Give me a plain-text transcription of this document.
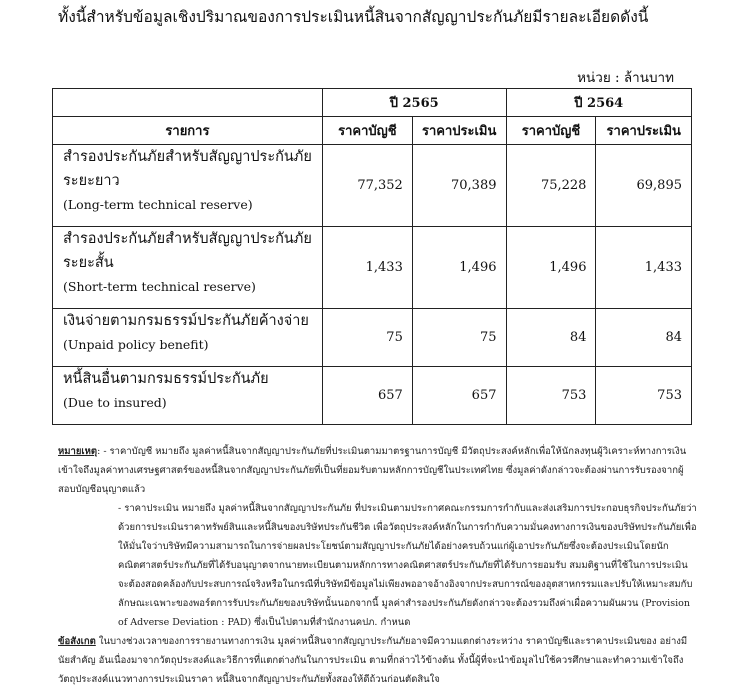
ทั้งนี้สำหรับข้อมูลเชิงปริมาณของการประเมินหนี้สินจากสัญญาประกันภัยมีรายละเอียดดังนี้
หน่วย : ล้านบาท
	ปี 2565		ปี 2564	
รายการ	ราคาบัญชี	ราคาประเมิน	ราคาบัญชี	ราคาประเมิน

สำรองประกันภัยสำหรับสัญญาประกันภัย
ระยะยาว
(Long-term technical reserve)	77,352	70,389	75,228	69,895

สำรองประกันภัยสำหรับสัญญาประกันภัย
ระยะสั้น
(Short-term technical reserve)	1,433	1,496	1,496	1,433

เงินจ่ายตามกรมธรรม์ประกันภัยค้างจ่าย
(Unpaid policy benefit)	75	75	84	84

หนี้สินอื่นตามกรมธรรม์ประกันภัย
(Due to insured)	657	657	753	753

หมายเหตุ: - ราคาบัญชี หมายถึง มูลค่าหนี้สินจากสัญญาประกันภัยที่ประเมินตามมาตรฐานการบัญชี มีวัตถุประสงค์หลักเพื่อให้นักลงทุนผู้วิเคราะห์ทางการเงินเข้าใจถึงมูลค่าทางเศรษฐศาสตร์ของหนี้สินจากสัญญาประกันภัยที่เป็นที่ยอมรับตามหลักการบัญชีในประเทศไทย ซึ่งมูลค่าดังกล่าวจะต้องผ่านการรับรองจากผู้สอบบัญชีอนุญาตแล้ว

- ราคาประเมิน หมายถึง มูลค่าหนี้สินจากสัญญาประกันภัย ที่ประเมินตามประกาศคณะกรรมการกำกับและส่งเสริมการประกอบธุรกิจประกันภัยว่าด้วยการประเมินราคาทรัพย์สินและหนี้สินของบริษัทประกันชีวิต เพื่อวัตถุประสงค์หลักในการกำกับความมั่นคงทางการเงินของบริษัทประกันภัยเพื่อให้มั่นใจว่าบริษัทมีความสามารถในการจ่ายผลประโยชน์ตามสัญญาประกันภัยได้อย่างครบถ้วนแก่ผู้เอาประกันภัยซึ่งจะต้องประเมินโดยนักคณิตศาสตร์ประกันภัยที่ได้รับอนุญาตจากนายทะเบียนตามหลักการทางคณิตศาสตร์ประกันภัยที่ได้รับการยอมรับ สมมติฐานที่ใช้ในการประเมินจะต้องสอดคล้องกับประสบการณ์จริงหรือในกรณีที่บริษัทมีข้อมูลไม่เพียงพออาจอ้างอิงจากประสบการณ์ของอุตสาหกรรมและปรับให้เหมาะสมกับลักษณะเฉพาะของพอร์ตการรับประกันภัยของบริษัทนั้นนอกจากนี้ มูลค่าสำรองประกันภัยดังกล่าวจะต้องรวมถึงค่าเผื่อความผันผวน (Provision of Adverse Deviation : PAD) ซึ่งเป็นไปตามที่สำนักงานคปภ. กำหนด

ข้อสังเกต ในบางช่วงเวลาของการรายงานทางการเงิน มูลค่าหนี้สินจากสัญญาประกันภัยอาจมีความแตกต่างระหว่าง ราคาบัญชีและราคาประเมินของ อย่างมีนัยสำคัญ อันเนื่องมาจากวัตถุประสงค์และวิธีการที่แตกต่างกันในการประเมิน ตามที่กล่าวไว้ข้างต้น ทั้งนี้ผู้ที่จะนำข้อมูลไปใช้ควรศึกษาและทำความเข้าใจถึงวัตถุประสงค์แนวทางการประเมินราคา หนี้สินจากสัญญาประกันภัยทั้งสองให้ดีถ้วนก่อนตัดสินใจ
